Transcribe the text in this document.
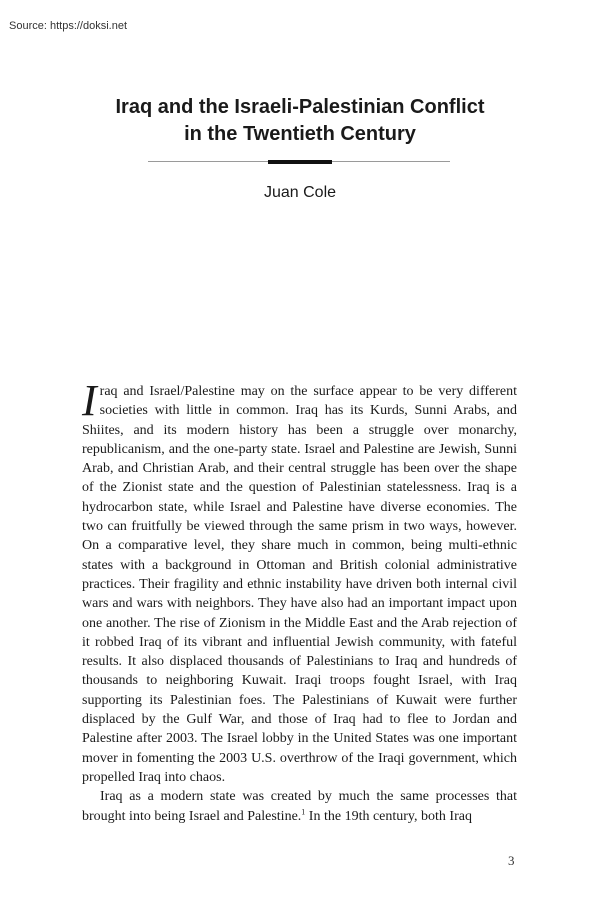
Source: https://doksi.net
Iraq and the Israeli-Palestinian Conflict
in the Twentieth Century
Juan Cole

Iraq and Israel/Palestine may on the surface appear to be very different societies with little in common. Iraq has its Kurds, Sunni Arabs, and Shiites, and its modern history has been a struggle over monarchy, republicanism, and the one-party state. Israel and Palestine are Jewish, Sunni Arab, and Christian Arab, and their central struggle has been over the shape of the Zionist state and the question of Palestinian statelessness. Iraq is a hydrocarbon state, while Israel and Palestine have diverse economies. The two can fruitfully be viewed through the same prism in two ways, however. On a comparative level, they share much in common, being multi-ethnic states with a background in Ottoman and British colonial administrative practices. Their fragility and ethnic instability have driven both internal civil wars and wars with neighbors. They have also had an important impact upon one another. The rise of Zionism in the Middle East and the Arab rejection of it robbed Iraq of its vibrant and influential Jewish community, with fateful results. It also displaced thousands of Palestinians to Iraq and hundreds of thousands to neighboring Kuwait. Iraqi troops fought Israel, with Iraq supporting its Palestinian foes. The Palestinians of Kuwait were further displaced by the Gulf War, and those of Iraq had to flee to Jordan and Palestine after 2003. The Israel lobby in the United States was one important mover in fomenting the 2003 U.S. overthrow of the Iraqi government, which propelled Iraq into chaos.

Iraq as a modern state was created by much the same processes that brought into being Israel and Palestine.$^1$ In the 19th century, both Iraq

3
